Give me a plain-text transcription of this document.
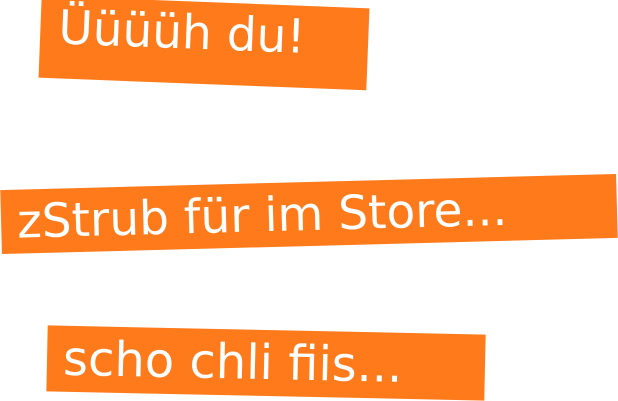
Üüüüh du!
zStrub für im Store...
scho chli fiis...
